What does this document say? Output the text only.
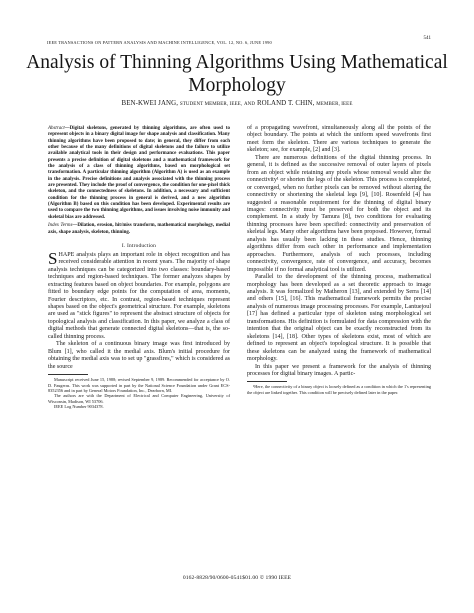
IEEE TRANSACTIONS ON PATTERN ANALYSIS AND MACHINE INTELLIGENCE, VOL. 12, NO. 6, JUNE 1990
541
Analysis of Thinning Algorithms Using Mathematical
Morphology
BEN-KWEI JANG, STUDENT MEMBER, IEEE, AND ROLAND T. CHIN, MEMBER, IEEE
Abstract—Digital skeletons, generated by thinning algorithms, are often used to represent objects in a binary digital image for shape analysis and classification. Many thinning algorithms have been proposed to date; in general, they differ from each other because of the many definitions of digital skeletons and the failure to utilize available analytical tools in their design and performance evaluations. This paper presents a precise definition of digital skeletons and a mathematical framework for the analysis of a class of thinning algorithms, based on morphological set transformation. A particular thinning algorithm (Algorithm A) is used as an example in the analysis. Precise definitions and analysis associated with the thinning process are presented. They include the proof of convergence, the condition for one-pixel thick skeleton, and the connectedness of skeletons. In addition, a necessary and sufficient condition for the thinning process in general is derived, and a new algorithm (Algorithm B) based on this condition has been developed. Experimental results are used to compare the two thinning algorithms, and issues involving noise immunity and skeletal bias are addressed.
Index Terms—Dilation, erosion, hit/miss transform, mathematical morphology, medial axis, shape analysis, skeleton, thinning.
I. Introduction

SHAPE analysis plays an important role in object recognition and has received considerable attention in recent years. The majority of shape analysis techniques can be categorized into two classes: boundary-based techniques and region-based techniques. The former analyzes shapes by extracting features based on object boundaries. For example, polygons are fitted to boundary edge points for the computation of area, moments, Fourier descriptors, etc. In contrast, region-based techniques represent shapes based on the object's geometrical structure. For example, skeletons are used as "stick figures" to represent the abstract structure of objects for topological analysis and classification. In this paper, we analyze a class of digital methods that generate connected digital skeletons—that is, the so-called thinning process.

The skeleton of a continuous binary image was first introduced by Blum [1], who called it the medial axis. Blum's initial procedure for obtaining the medial axis was to set up "grassfires," which is considered as the source

Manuscript received June 15, 1988; revised September 9, 1989. Recommended for acceptance by O. D. Faugeras. This work was supported in part by the National Science Foundation under Grant ECS-8352356 and in part by General Motors Foundation, Inc., Dearborn, MI.

The authors are with the Department of Electrical and Computer Engineering, University of Wisconsin, Madison, WI 53706.

IEEE Log Number 9034378.

of a propagating wavefront, simultaneously along all the points of the object boundary. The points at which the uniform speed wavefronts first meet form the skeleton. There are various techniques to generate the skeleton; see, for example, [2] and [3].

There are numerous definitions of the digital thinning process. In general, it is defined as the successive removal of outer layers of pixels from an object while retaining any pixels whose removal would alter the connectivity¹ or shorten the legs of the skeleton. This process is completed, or converged, when no further pixels can be removed without altering the connectivity or shortening the skeletal legs [9], [10]. Rosenfeld [4] has suggested a reasonable requirement for the thinning of digital binary images: connectivity must be preserved for both the object and its complement. In a study by Tamura [8], two conditions for evaluating thinning processes have been specified: connectivity and preservation of skeletal legs. Many other algorithms have been proposed. However, formal analysis has usually been lacking in these studies. Hence, thinning algorithms differ from each other in performance and implementation approaches. Furthermore, analysis of such processes, including connectivity, convergence, rate of convergence, and accuracy, becomes impossible if no formal analytical tool is utilized.

Parallel to the development of the thinning process, mathematical morphology has been developed as a set theoretic approach to image analysis. It was formalized by Matheron [13], and extended by Serra [14] and others [15], [16]. This mathematical framework permits the precise analysis of numerous image processing processes. For example, Lantuejoul [17] has defined a particular type of skeleton using morphological set transformations. His definition is formulated for data compression with the intention that the original object can be exactly reconstructed from its skeletons [14], [18]. Other types of skeletons exist, most of which are defined to represent an object's topological structure. It is possible that these skeletons can be analyzed using the framework of mathematical morphology.

In this paper we present a framework for the analysis of thinning processes for digital binary images. A partic-

¹Here, the connectivity of a binary object is loosely defined as a condition in which the 1's representing the object are linked together. This condition will be precisely defined later in the paper.

0162-8828/90/0600-0541$01.00 © 1990 IEEE
